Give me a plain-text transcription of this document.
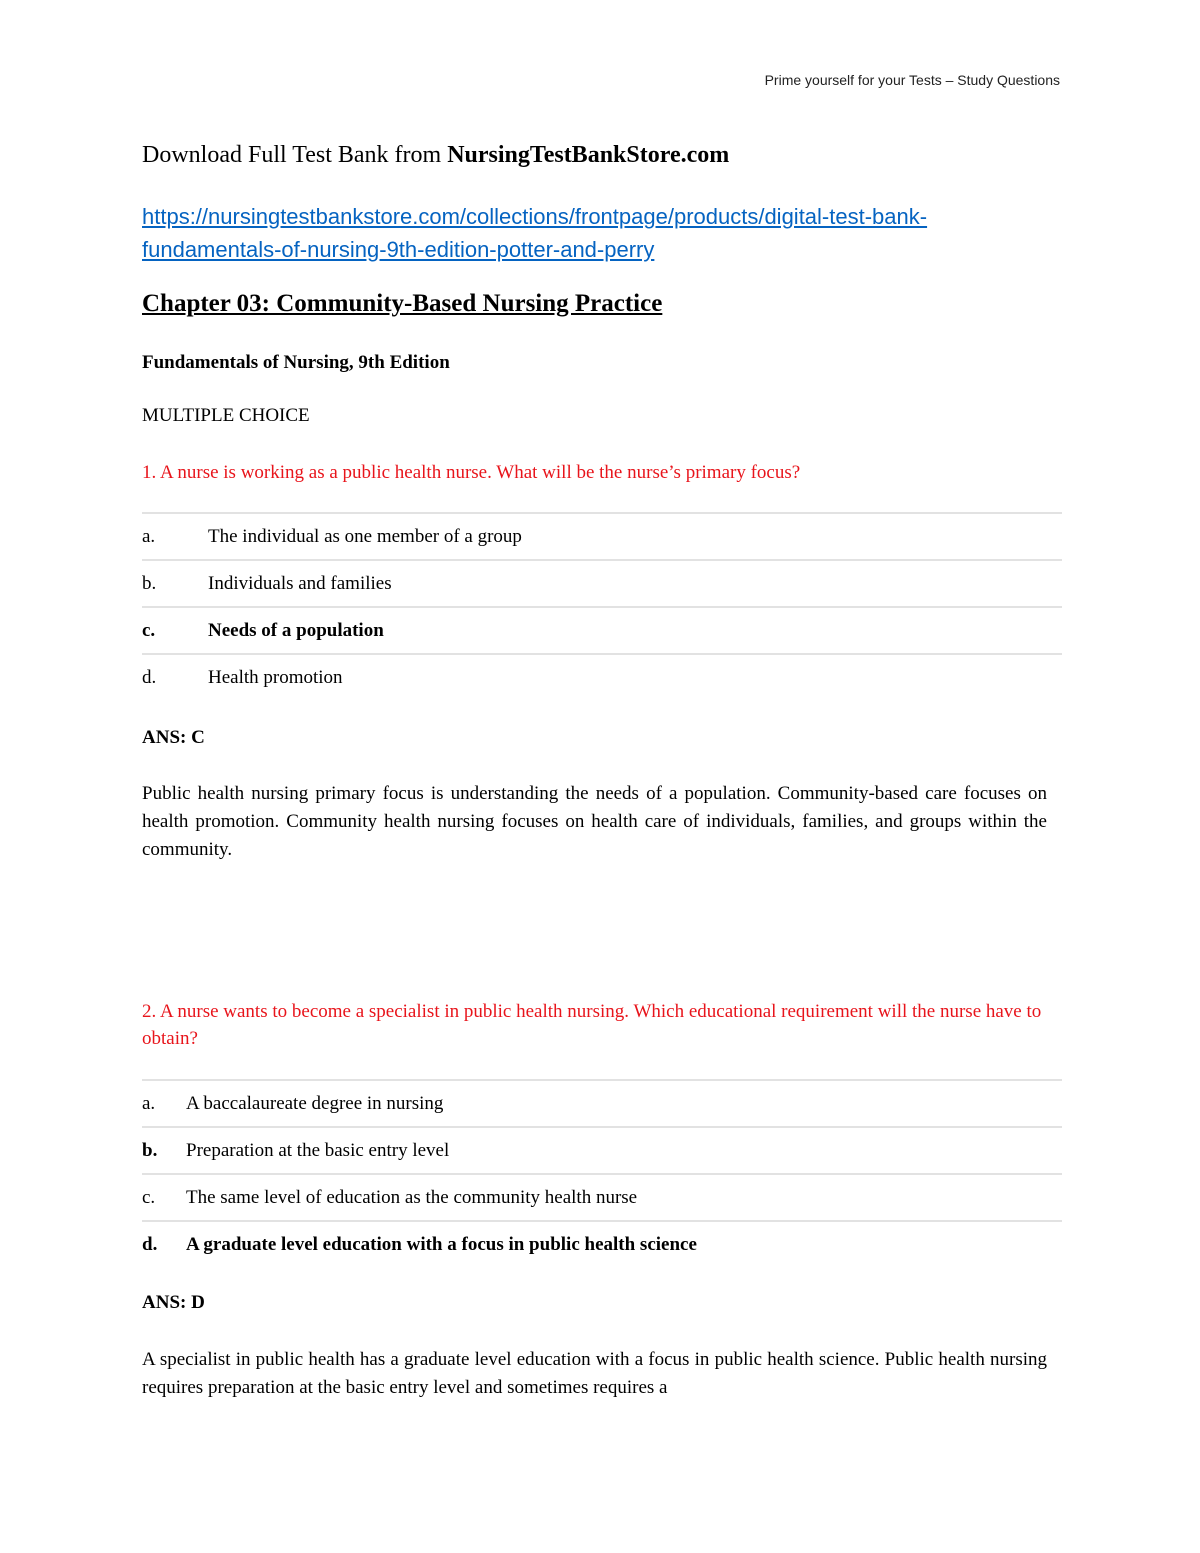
Prime yourself for your Tests – Study Questions
Download Full Test Bank from NursingTestBankStore.com
https://nursingtestbankstore.com/collections/frontpage/products/digital-test-bank-
fundamentals-of-nursing-9th-edition-potter-and-perry
Chapter 03: Community-Based Nursing Practice
Fundamentals of Nursing, 9th Edition
MULTIPLE CHOICE
1. A nurse is working as a public health nurse. What will be the nurse’s primary focus?
a.	The individual as one member of a group
b.	Individuals and families
c.	Needs of a population
d.	Health promotion
ANS: C
Public health nursing primary focus is understanding the needs of a population. Community-based care focuses on health promotion. Community health nursing focuses on health care of individuals, families, and groups within the community.
2. A nurse wants to become a specialist in public health nursing. Which educational requirement will the nurse have to obtain?
a.	A baccalaureate degree in nursing
b.	Preparation at the basic entry level
c.	The same level of education as the community health nurse
d.	A graduate level education with a focus in public health science
ANS: D
A specialist in public health has a graduate level education with a focus in public health science. Public health nursing requires preparation at the basic entry level and sometimes requires a
